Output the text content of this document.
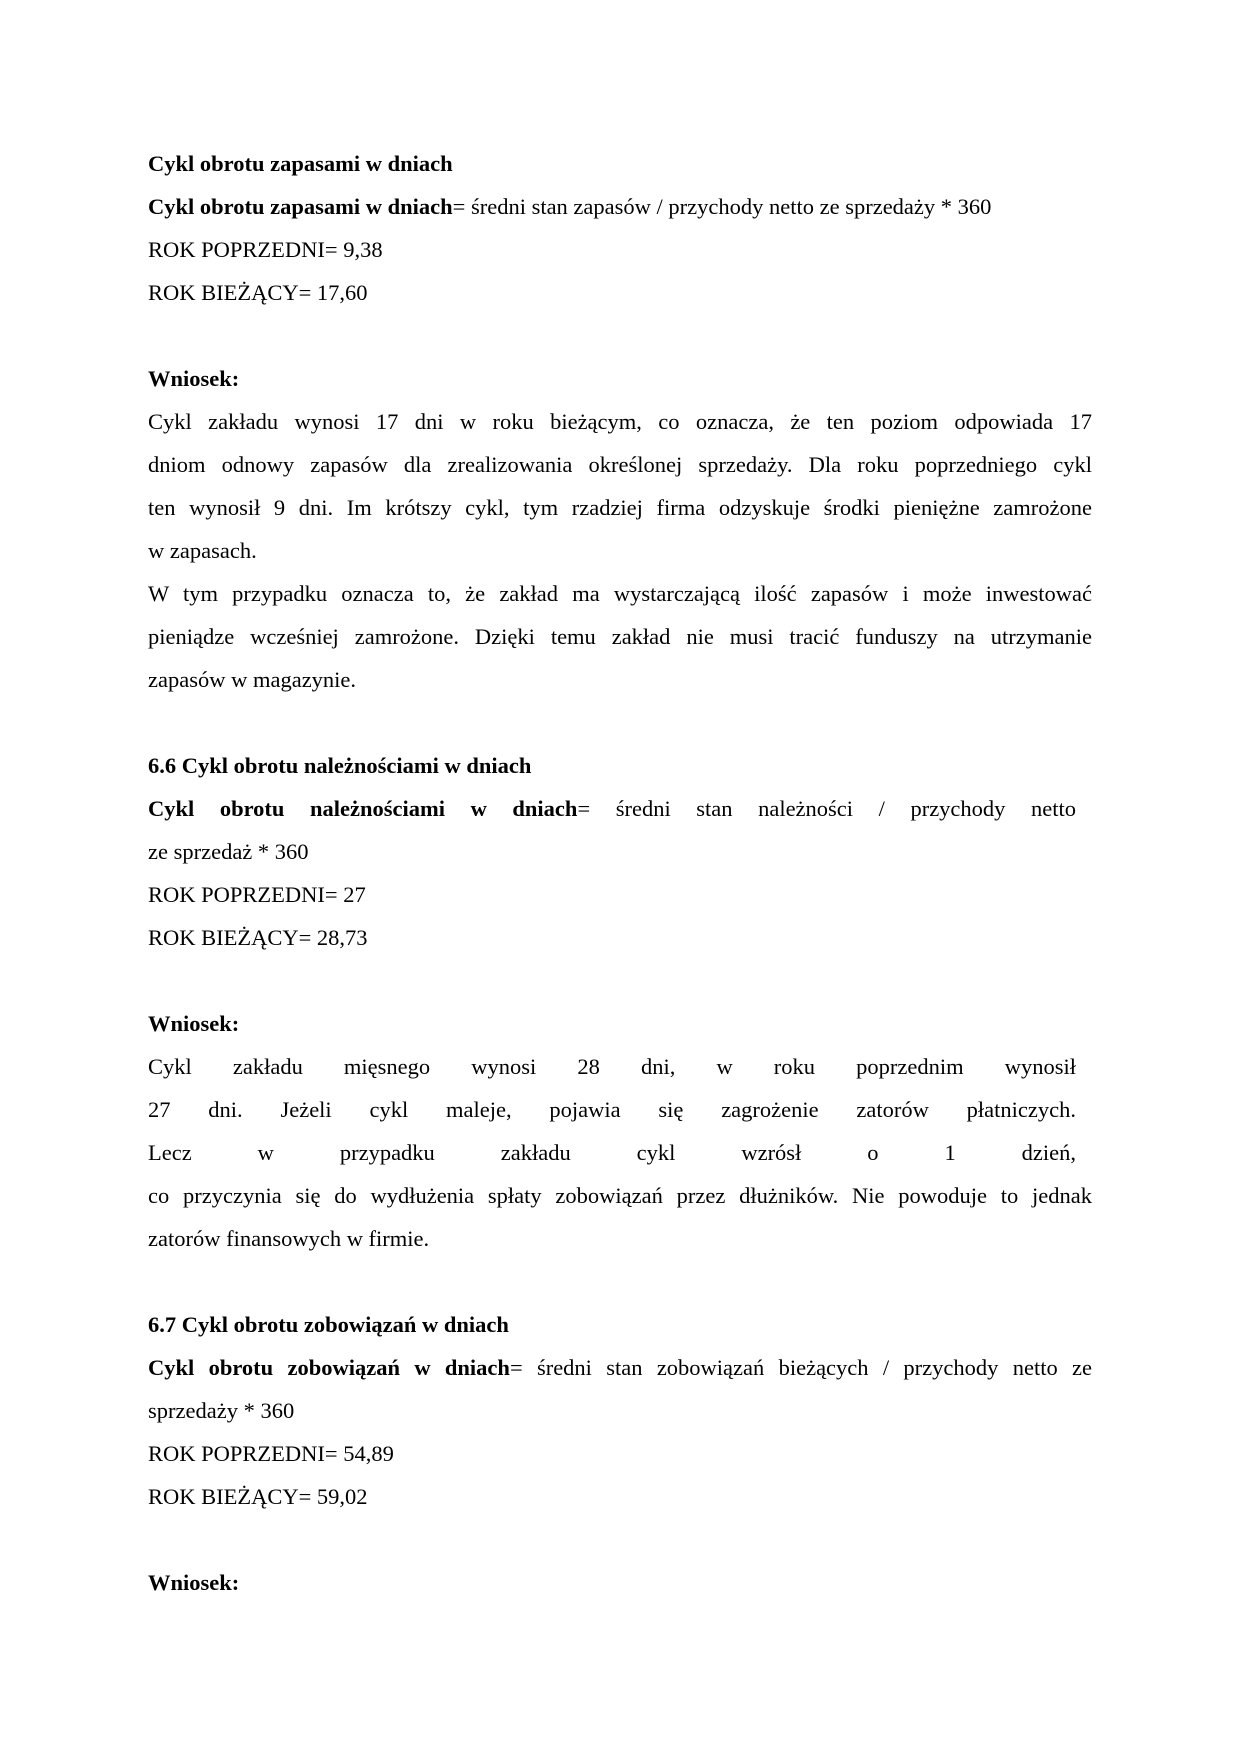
Cykl obrotu zapasami w dniach
Cykl obrotu zapasami w dniach= średni stan zapasów / przychody netto ze sprzedaży * 360
ROK POPRZEDNI= 9,38
ROK BIEŻĄCY= 17,60
Wniosek:
Cykl zakładu wynosi 17 dni w roku bieżącym, co oznacza, że ten poziom odpowiada 17
dniom odnowy zapasów dla zrealizowania określonej sprzedaży. Dla roku poprzedniego cykl
ten wynosił 9 dni. Im krótszy cykl, tym rzadziej firma odzyskuje środki pieniężne zamrożone
w zapasach.
W tym przypadku oznacza to, że zakład ma wystarczającą ilość zapasów i może inwestować
pieniądze wcześniej zamrożone. Dzięki temu zakład nie musi tracić funduszy na utrzymanie
zapasów w magazynie.
6.6 Cykl obrotu należnościami w dniach
Cykl obrotu należnościami w dniach= średni stan należności / przychody netto
ze sprzedaż * 360
ROK POPRZEDNI= 27
ROK BIEŻĄCY= 28,73
Wniosek:
Cykl zakładu mięsnego wynosi 28 dni, w roku poprzednim wynosił
27 dni. Jeżeli cykl maleje, pojawia się zagrożenie zatorów płatniczych.
Lecz w przypadku zakładu cykl wzrósł o 1 dzień,
co przyczynia się do wydłużenia spłaty zobowiązań przez dłużników. Nie powoduje to jednak
zatorów finansowych w firmie.
6.7 Cykl obrotu zobowiązań w dniach
Cykl obrotu zobowiązań w dniach= średni stan zobowiązań bieżących / przychody netto ze
sprzedaży * 360
ROK POPRZEDNI= 54,89
ROK BIEŻĄCY= 59,02
Wniosek:
